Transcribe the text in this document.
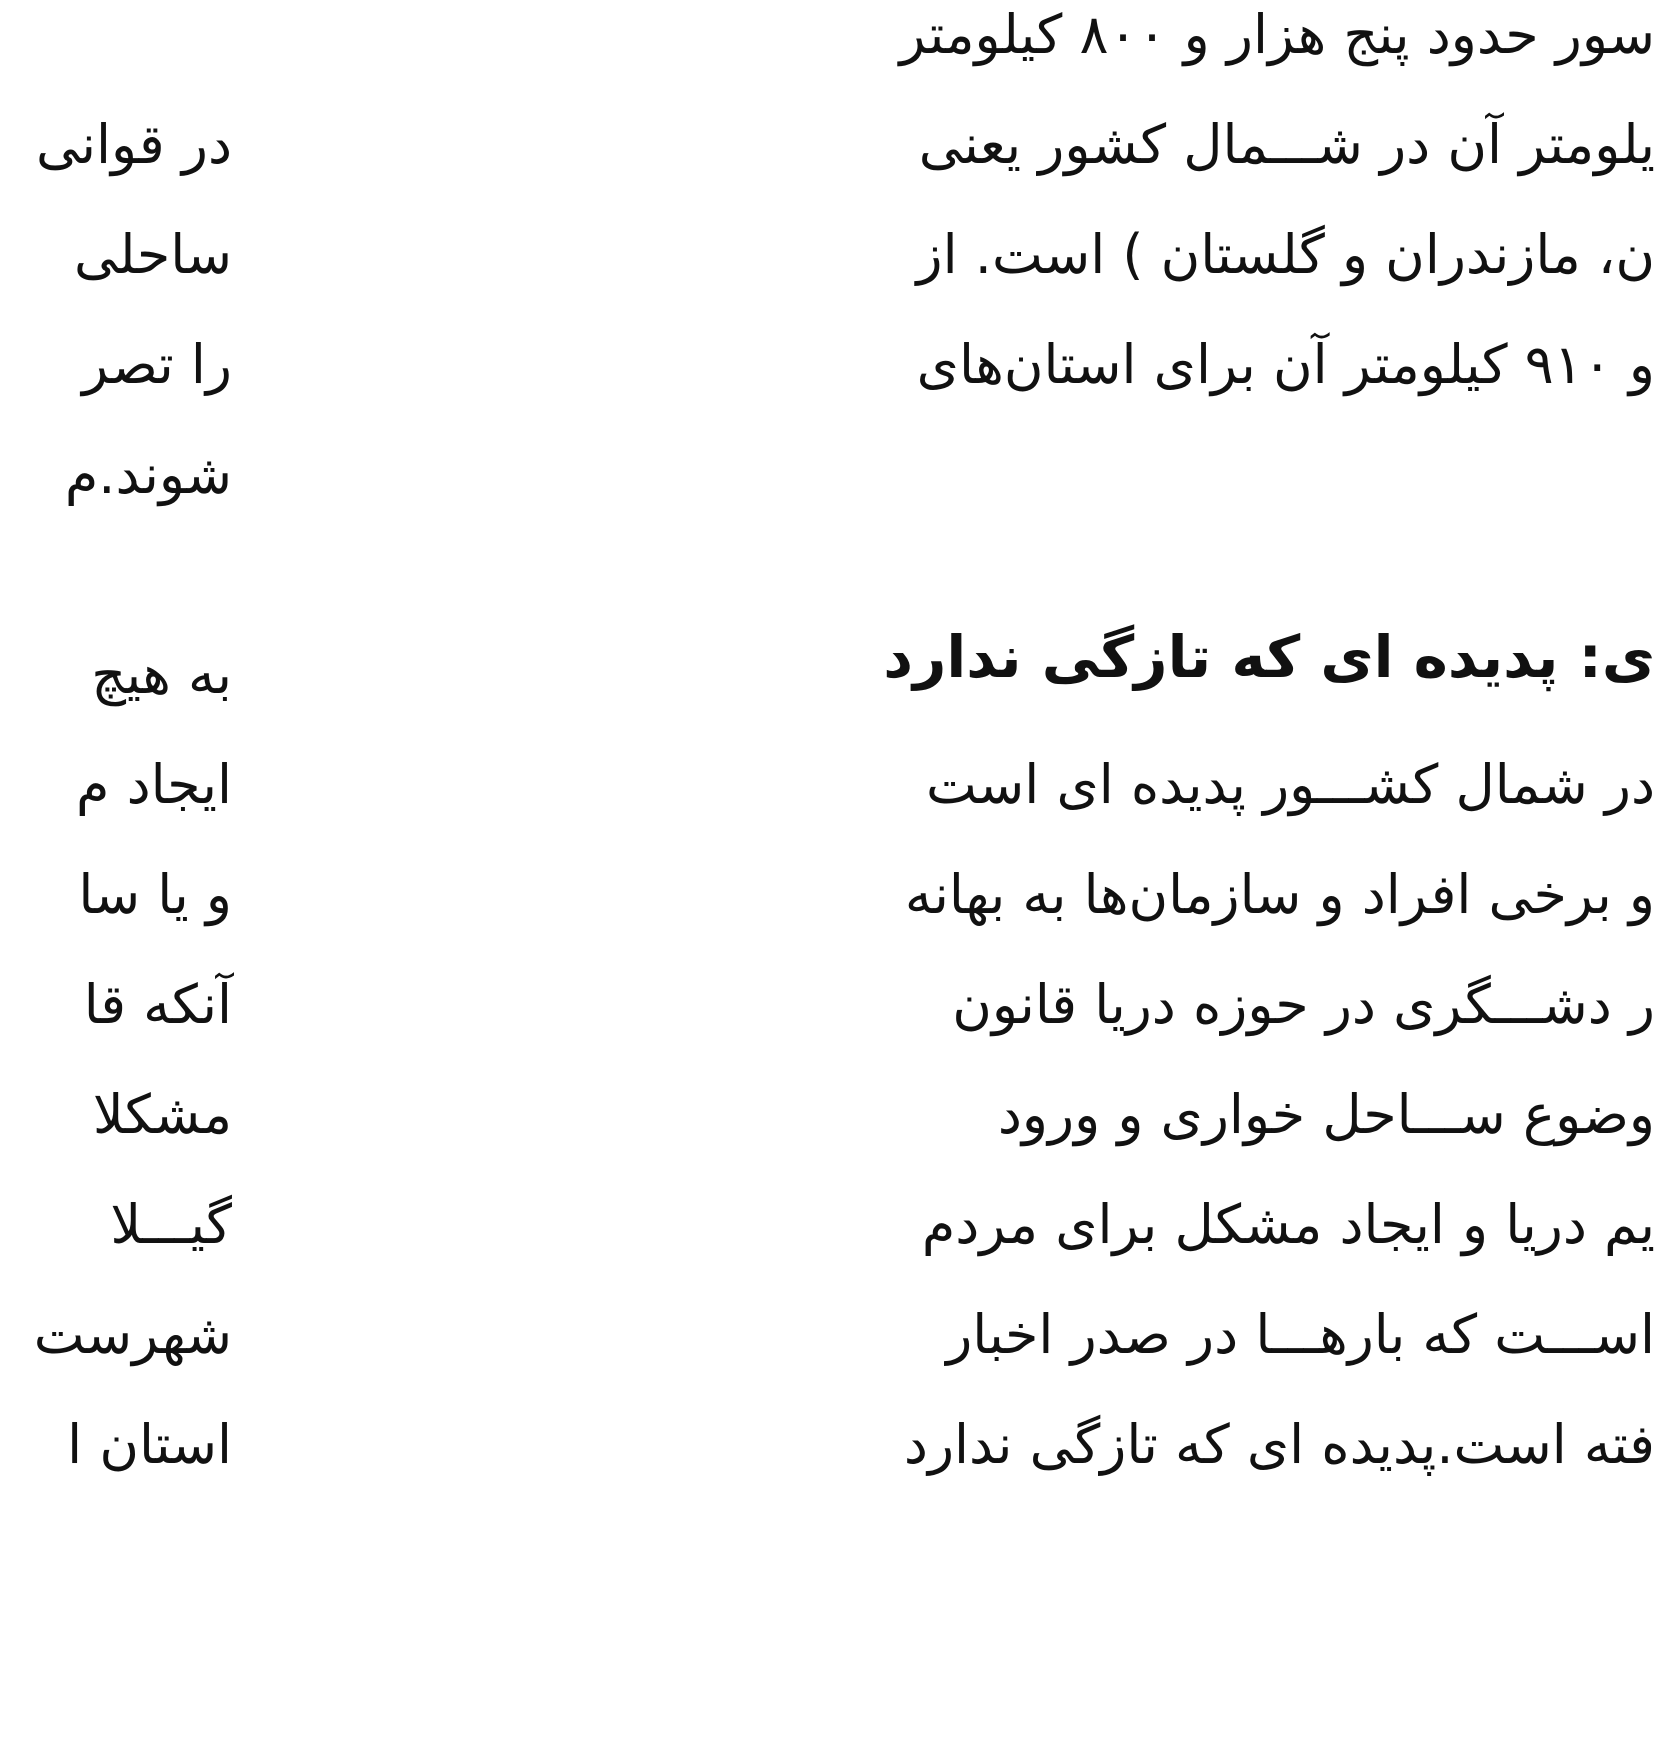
سور حدود پنج هزار و ۸۰۰ کیلومتر
یلومتر آن در شـــمال کشور یعنی
ن، مازندران و گلستان ) است. از
و ۹۱۰ کیلومتر آن برای استان‌های
ی: پدیده ای که تازگی ندارد
در شمال کشـــور پدیده ای است
و برخی افراد و سازمان‌ها به بهانه
ر دشـــگری در حوزه دریا قانون
وضوع ســـاحل خواری و ورود
یم دریا و ایجاد مشکل برای مردم
اســـت که بارهـــا در صدر اخبار
فته است.پدیده ای که تازگی ندارد
در قوانی
ساحلی
را تصر
شوند.م
به هیچ
ایجاد م
و یا سا
آنکه قا
مشکلا
گیـــلا
شهرست
استان ا
